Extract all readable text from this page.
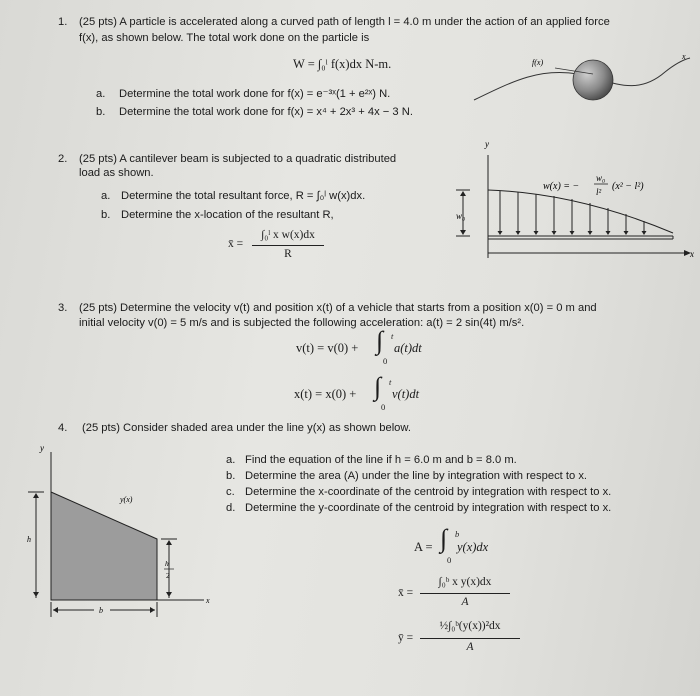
1. (25 pts) A particle is accelerated along a curved path of length l = 4.0 m under the action of an applied force
f(x), as shown below. The total work done on the particle is
W = ∫₀ˡ f(x)dx N-m.
a. Determine the total work done for f(x) = e⁻³ˣ(1 + e²ˣ) N.
b. Determine the total work done for f(x) = x⁴ + 2x³ + 4x − 3 N.
f(x)
x
2. (25 pts) A cantilever beam is subjected to a quadratic distributed
load as shown.
a. Determine the total resultant force, R = ∫₀ˡ w(x)dx.
b. Determine the x-location of the resultant R,
x̄ =
∫₀ˡ x w(x)dx
R
y
x
w₀
w(x) = −
w₀
l² (x² − l²)
3. (25 pts) Determine the velocity v(t) and position x(t) of a vehicle that starts from a position x(0) = 0 m and
initial velocity v(0) = 5 m/s and is subjected the following acceleration: a(t) = 2 sin(4t) m/s².
v(t) = v(0) + ∫ t
0
a(t)dt
x(t) = x(0) + ∫ t
0
v(t)dt
4. (25 pts) Consider shaded area under the line y(x) as shown below.
a. Find the equation of the line if h = 6.0 m and b = 8.0 m.
b. Determine the area (A) under the line by integration with respect to x.
c. Determine the x-coordinate of the centroid by integration with respect to x.
d. Determine the y-coordinate of the centroid by integration with respect to x.
A = ∫ b
0
y(x)dx
x̄ =
∫₀ᵇ x y(x)dx
A
ȳ =
½∫₀ᵇ(y(x))²dx
A
y
x
y(x)
h
h
2
b
